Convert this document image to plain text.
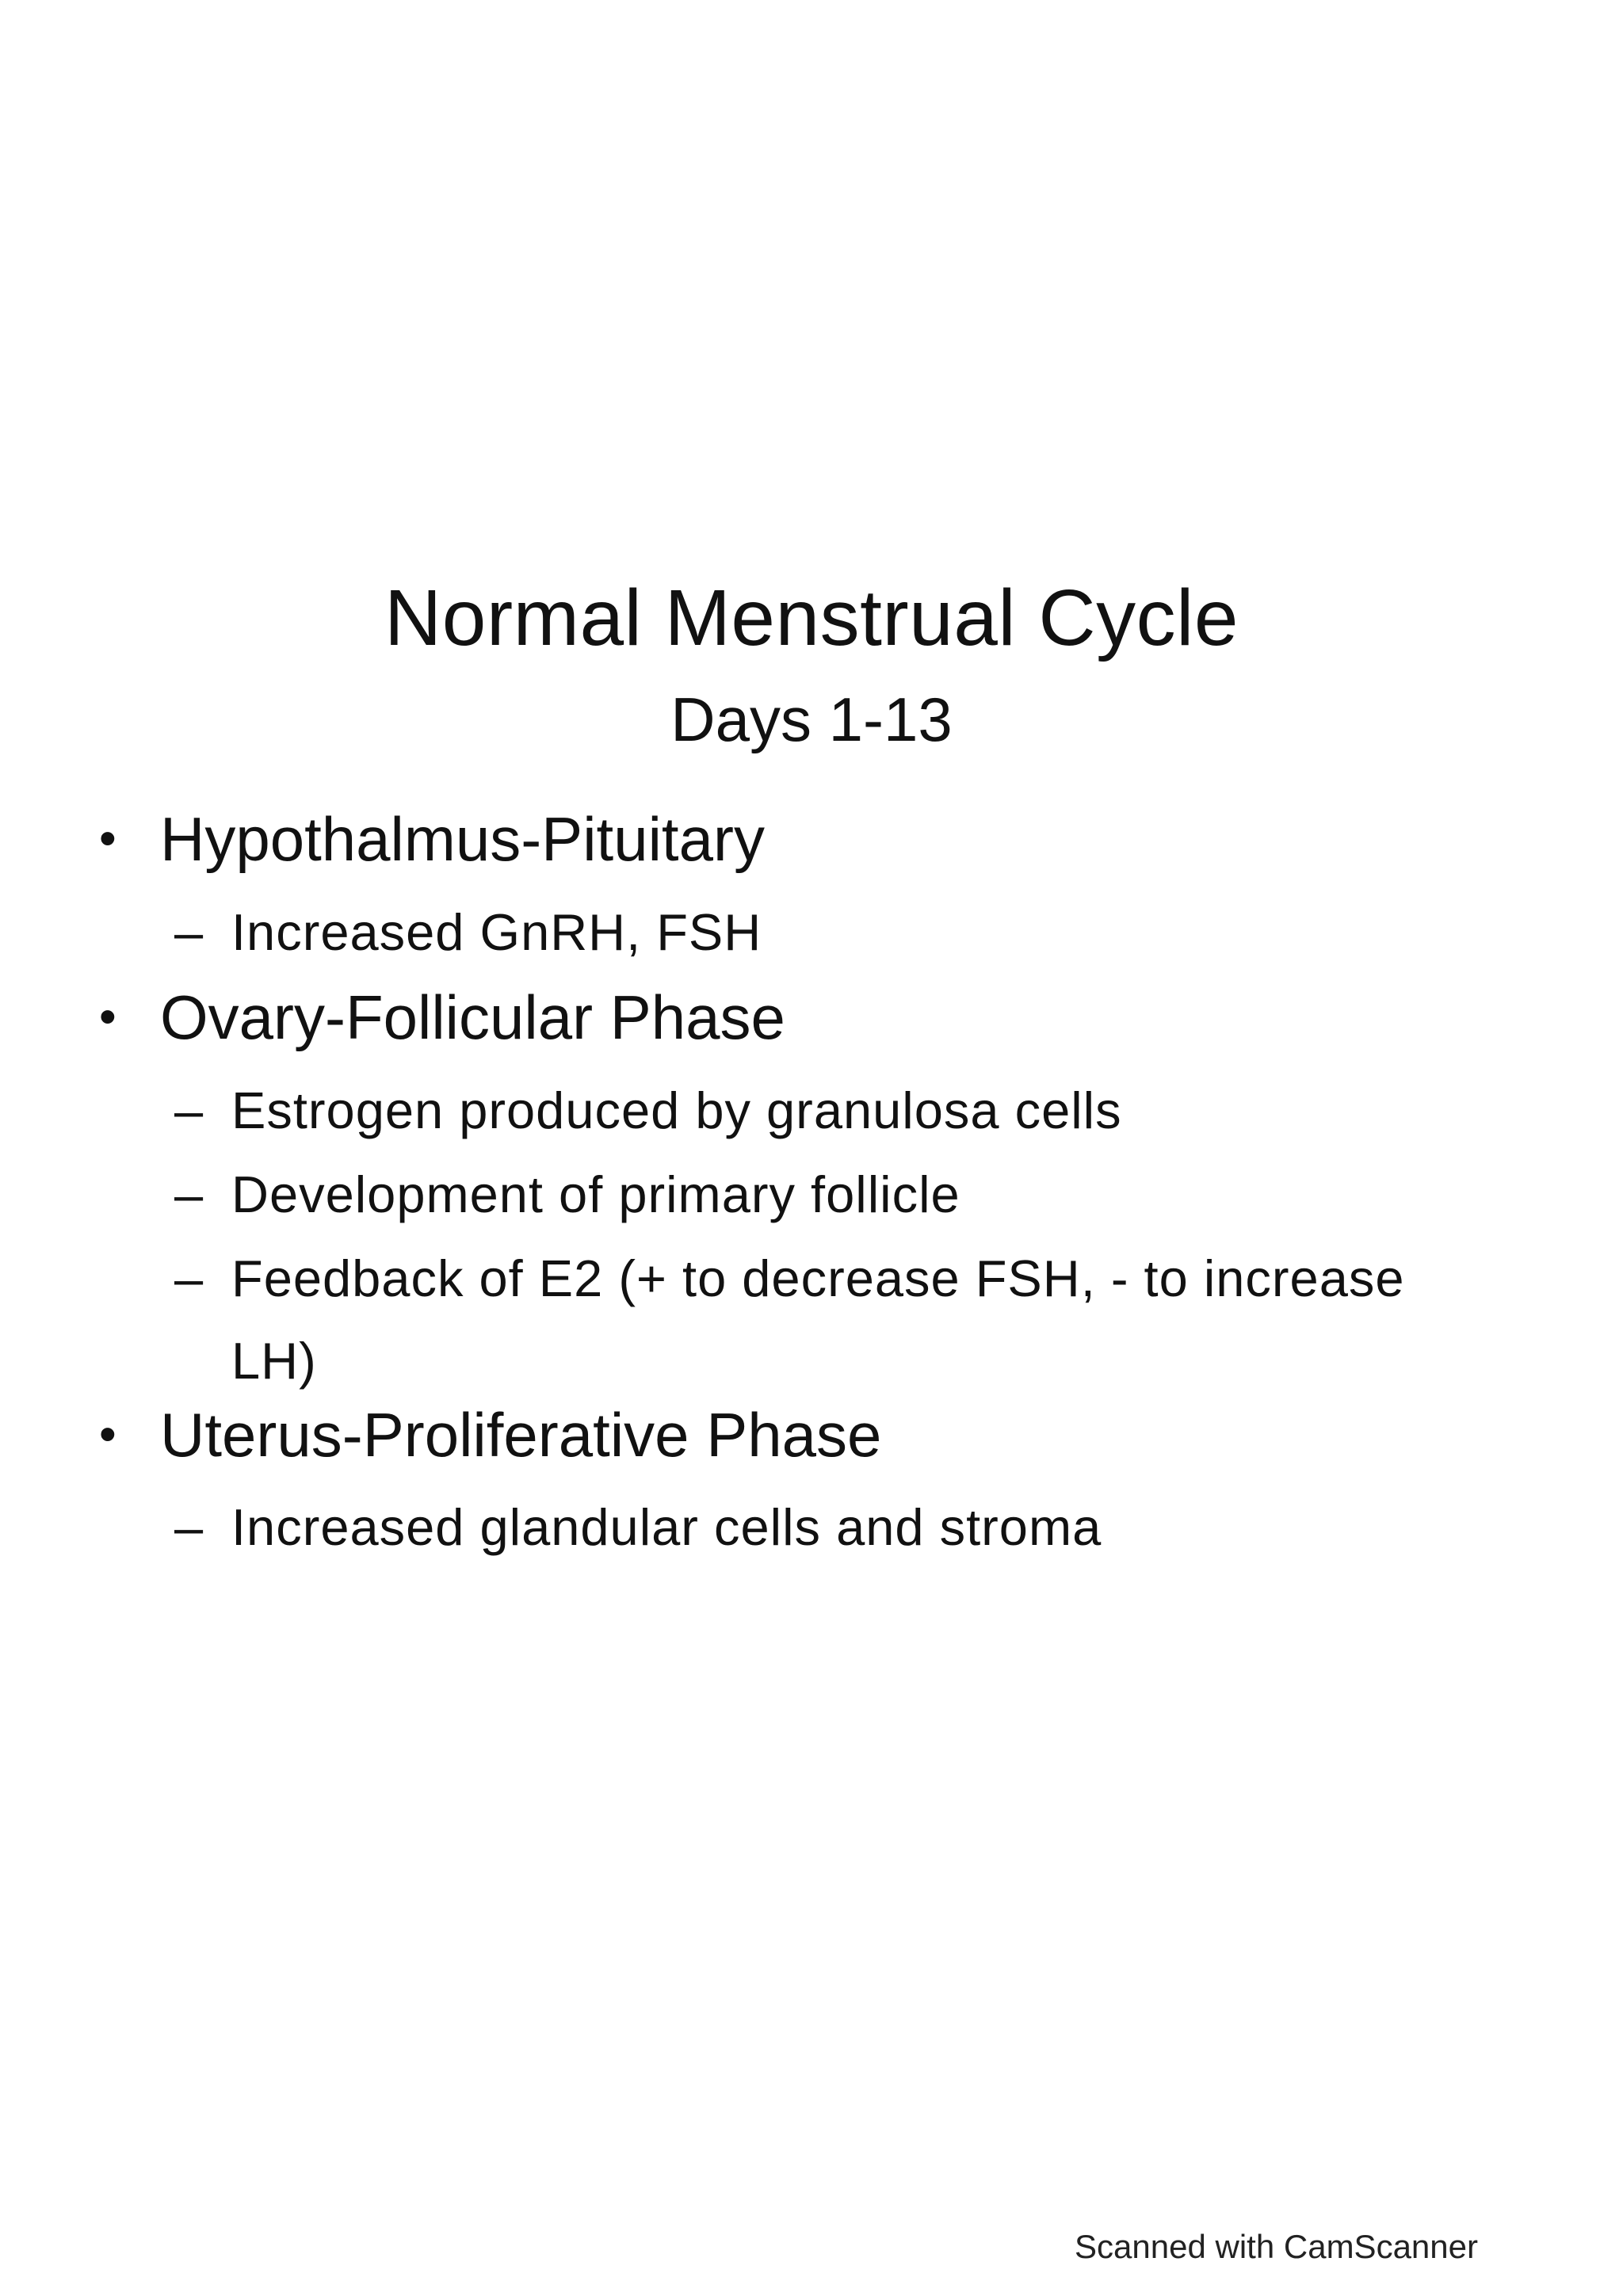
Normal Menstrual Cycle
Days 1-13
• Hypothalmus-Pituitary
– Increased GnRH, FSH
• Ovary-Follicular Phase
– Estrogen produced by granulosa cells
– Development of primary follicle
– Feedback of E2 (+ to decrease FSH, - to increase LH)
• Uterus-Proliferative Phase
– Increased glandular cells and stroma
Scanned with CamScanner
